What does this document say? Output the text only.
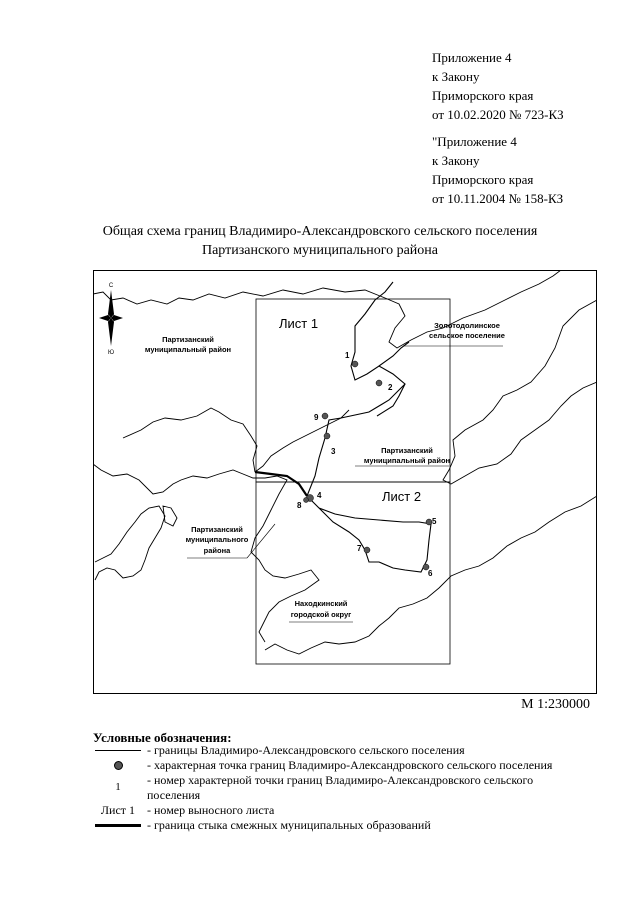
Приложение 4
к Закону
Приморского края
от 10.02.2020 № 723-КЗ
"Приложение 4
к Закону
Приморского края
от 10.11.2004 № 158-КЗ
Общая схема границ Владимиро-Александровского сельского поселения
Партизанского муниципального района
С
Ю
Лист 1
Лист 2
Партизанский
муниципальный район
Золотодолинское
сельское поселение
Партизанский
муниципальный район
Партизанский
муниципального
района
Находкинский
городской округ
1
2
3
4
5
6
7
8
9
М 1:230000
Условные обозначения:
- границы Владимиро-Александровского сельского поселения
- характерная точка границ Владимиро-Александровского сельского поселения
1	- номер характерной точки границ Владимиро-Александровского сельского поселения
Лист 1 - номер выносного листа
- граница стыка смежных муниципальных образований
